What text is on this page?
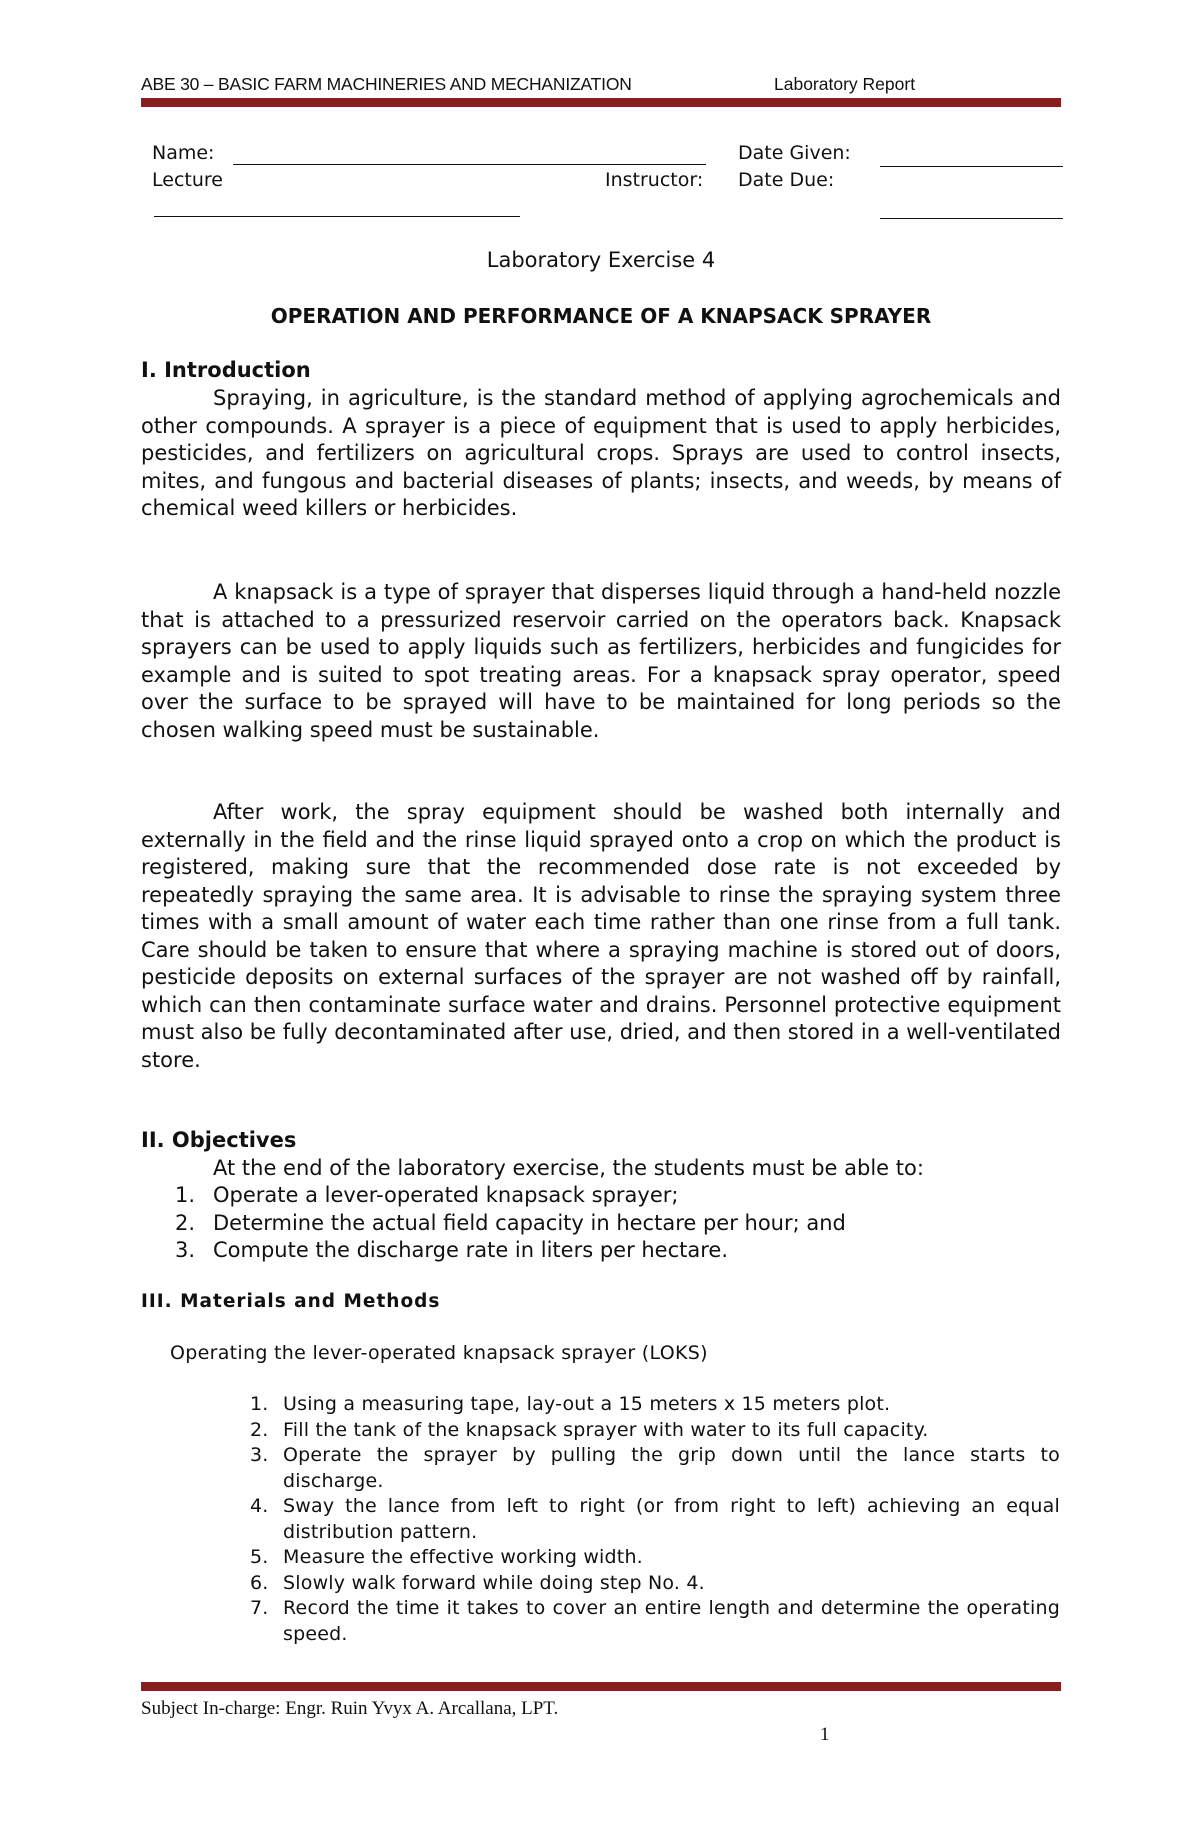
ABE 30 – BASIC FARM MACHINERIES AND MECHANIZATION	Laboratory Report
Name:	Date Given:
Lecture	Instructor: Date Due:
Laboratory Exercise 4
OPERATION AND PERFORMANCE OF A KNAPSACK SPRAYER
I. Introduction

Spraying, in agriculture, is the standard method of applying agrochemicals and other compounds. A sprayer is a piece of equipment that is used to apply herbicides, pesticides, and fertilizers on agricultural crops. Sprays are used to control insects, mites, and fungous and bacterial diseases of plants; insects, and weeds, by means of chemical weed killers or herbicides.

A knapsack is a type of sprayer that disperses liquid through a hand-held nozzle that is attached to a pressurized reservoir carried on the operators back. Knapsack sprayers can be used to apply liquids such as fertilizers, herbicides and fungicides for example and is suited to spot treating areas. For a knapsack spray operator, speed over the surface to be sprayed will have to be maintained for long periods so the chosen walking speed must be sustainable.

After work, the spray equipment should be washed both internally and externally in the field and the rinse liquid sprayed onto a crop on which the product is registered, making sure that the recommended dose rate is not exceeded by repeatedly spraying the same area. It is advisable to rinse the spraying system three times with a small amount of water each time rather than one rinse from a full tank. Care should be taken to ensure that where a spraying machine is stored out of doors, pesticide deposits on external surfaces of the sprayer are not washed off by rainfall, which can then contaminate surface water and drains. Personnel protective equipment must also be fully decontaminated after use, dried, and then stored in a well-ventilated store.

II. Objectives
At the end of the laboratory exercise, the students must be able to:
1. Operate a lever-operated knapsack sprayer;
2. Determine the actual field capacity in hectare per hour; and
3. Compute the discharge rate in liters per hectare.
III. Materials and Methods
Operating the lever-operated knapsack sprayer (LOKS)
1. Using a measuring tape, lay-out a 15 meters x 15 meters plot.
2. Fill the tank of the knapsack sprayer with water to its full capacity.
3. Operate the sprayer by pulling the grip down until the lance starts to discharge.
4. Sway the lance from left to right (or from right to left) achieving an equal distribution pattern.
5. Measure the effective working width.
6. Slowly walk forward while doing step No. 4.
7. Record the time it takes to cover an entire length and determine the operating speed.
Subject In-charge: Engr. Ruin Yvyx A. Arcallana, LPT.
1
